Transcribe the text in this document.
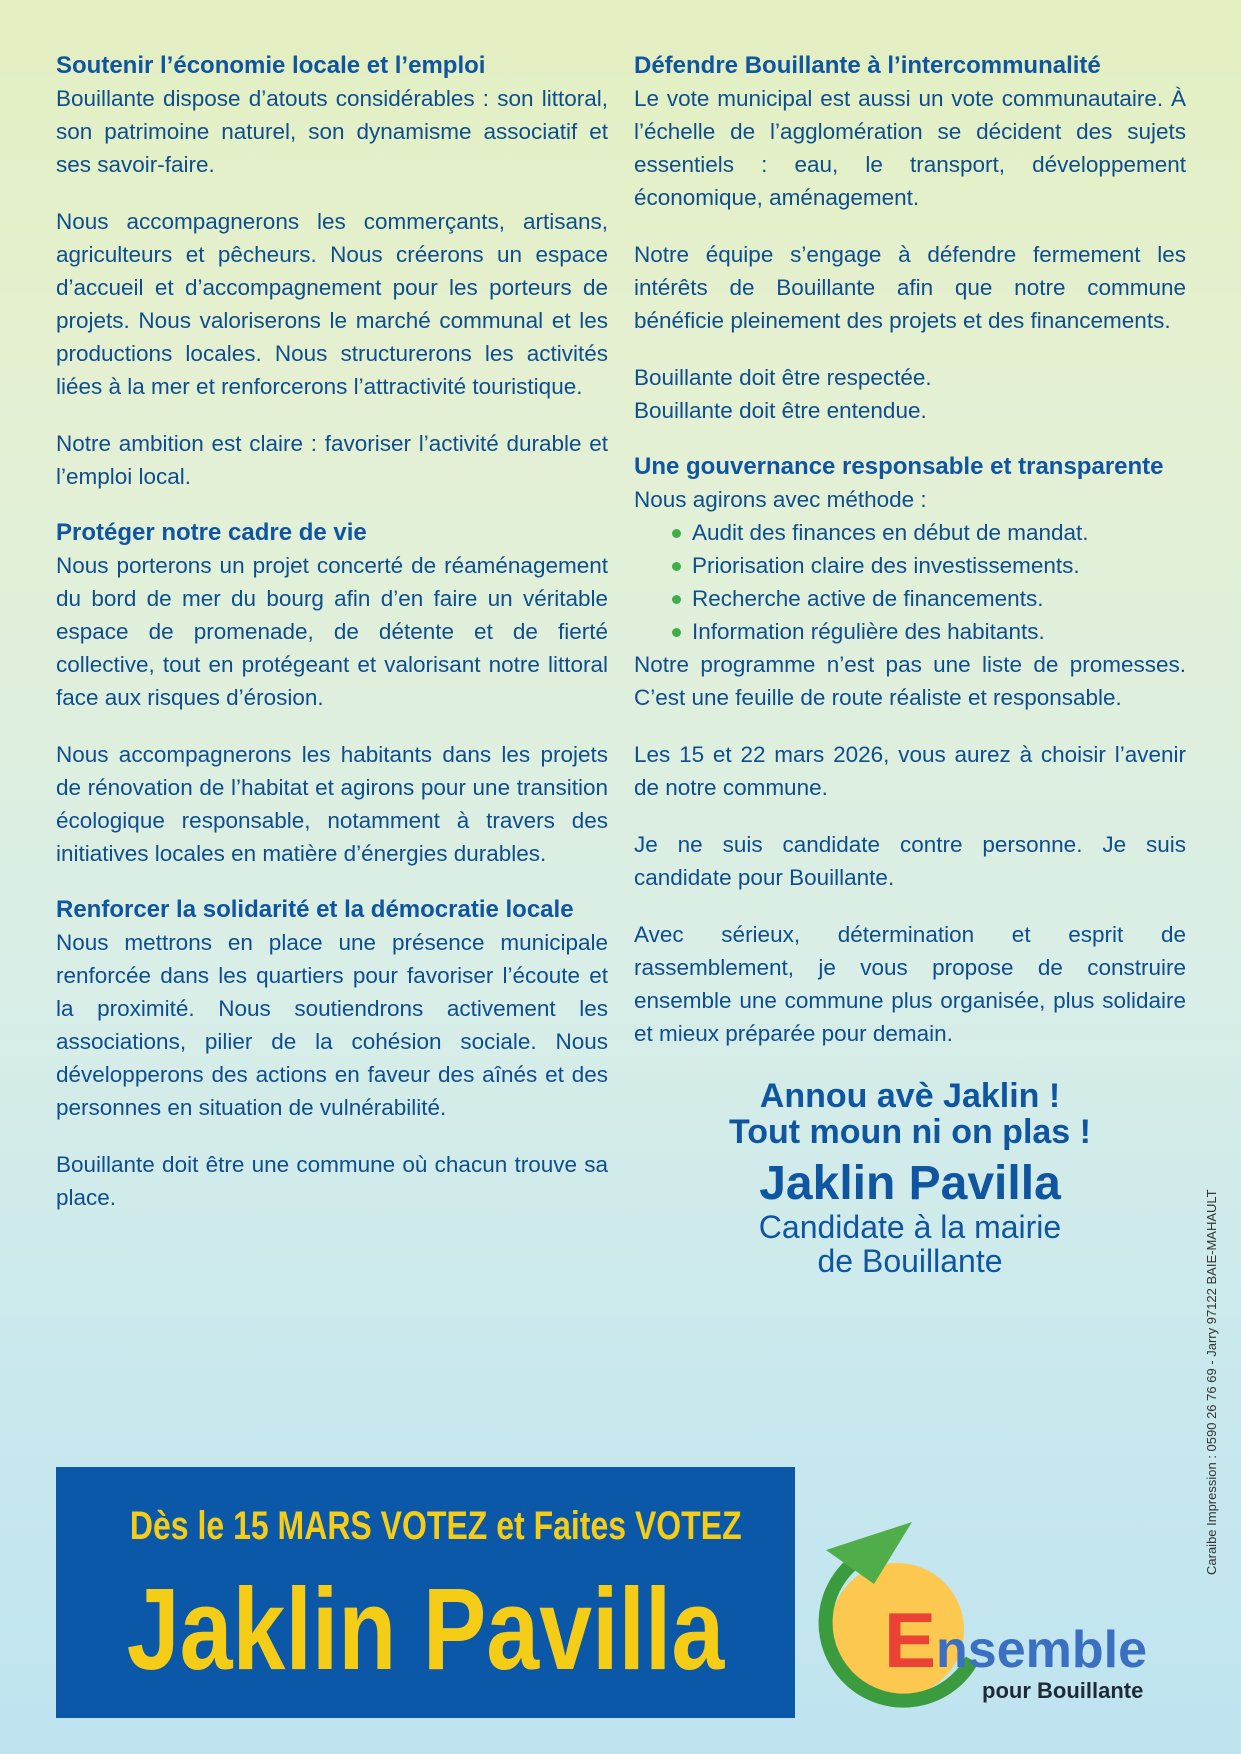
Soutenir l’économie locale et l’emploi

Bouillante dispose d’atouts considérables : son littoral, son patrimoine naturel, son dynamisme associatif et ses savoir-faire.

Nous accompagnerons les commerçants, artisans, agriculteurs et pêcheurs. Nous créerons un espace d’accueil et d’accompagnement pour les porteurs de projets. Nous valoriserons le marché communal et les productions locales. Nous structurerons les activités liées à la mer et renforcerons l’attractivité touristique.

Notre ambition est claire : favoriser l’activité durable et l’emploi local.

Protéger notre cadre de vie

Nous porterons un projet concerté de réaménagement du bord de mer du bourg afin d’en faire un véritable espace de promenade, de détente et de fierté collective, tout en protégeant et valorisant notre littoral face aux risques d’érosion.

Nous accompagnerons les habitants dans les projets de rénovation de l’habitat et agirons pour une transition écologique responsable, notamment à travers des initiatives locales en matière d’énergies durables.

Renforcer la solidarité et la démocratie locale

Nous mettrons en place une présence municipale renforcée dans les quartiers pour favoriser l’écoute et la proximité. Nous soutiendrons activement les associations, pilier de la cohésion sociale. Nous développerons des actions en faveur des aînés et des personnes en situation de vulnérabilité.

Bouillante doit être une commune où chacun trouve sa place.

Défendre Bouillante à l’intercommunalité

Le vote municipal est aussi un vote communautaire. À l’échelle de l’agglomération se décident des sujets essentiels : eau, le transport, développement économique, aménagement.

Notre équipe s’engage à défendre fermement les intérêts de Bouillante afin que notre commune bénéficie pleinement des projets et des financements.

Bouillante doit être respectée.

Bouillante doit être entendue.

Une gouvernance responsable et transparente

Nous agirons avec méthode :

Audit des finances en début de mandat.
Priorisation claire des investissements.
Recherche active de financements.
Information régulière des habitants.

Notre programme n’est pas une liste de promesses. C’est une feuille de route réaliste et responsable.

Les 15 et 22 mars 2026, vous aurez à choisir l’avenir de notre commune.

Je ne suis candidate contre personne. Je suis candidate pour Bouillante.

Avec sérieux, détermination et esprit de rassemblement, je vous propose de construire ensemble une commune plus organisée, plus solidaire et mieux préparée pour demain.

Annou avè Jaklin !
Tout moun ni on plas !
Jaklin Pavilla
Candidate à la mairie
de Bouillante
Dès le 15 MARS VOTEZ et Faites VOTEZ
Jaklin Pavilla Ensemble
pour Bouillante
Caraibe Impression : 0590 26 76 69 - Jarry 97122 BAIE-MAHAULT
